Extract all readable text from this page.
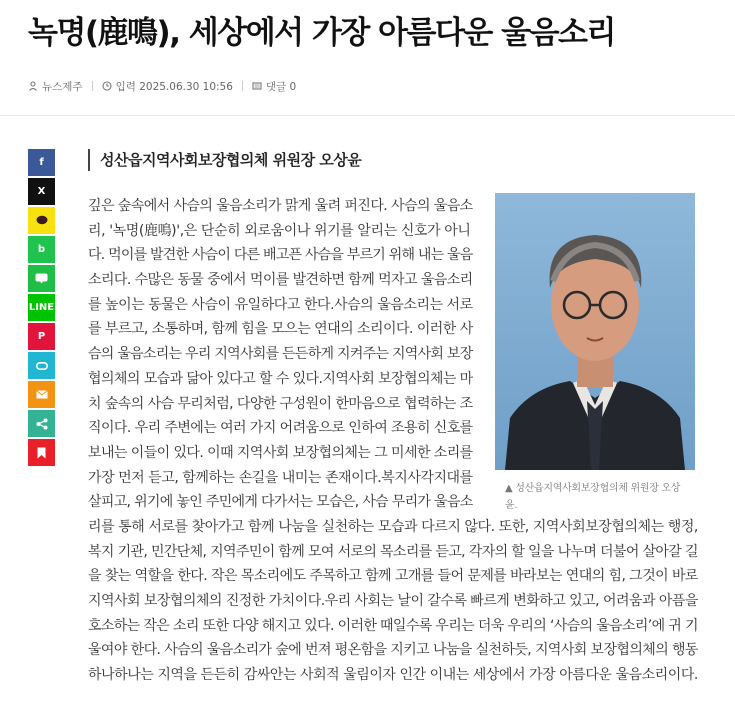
녹명(鹿鳴), 세상에서 가장 아름다운 울음소리
뉴스제주	입력 2025.06.30 10:56	댓글 0
f
X
b
LINE
P
성산읍지역사회보장협의체 위원장 오상윤
▲ 성산읍지역사회보장협의체 위원장 오상윤.
깊은 숲속에서 사슴의 울음소리가 맑게 울려 퍼진다. 사슴의 울음소
리, '녹명(鹿鳴)',은 단순히 외로움이나 위기를 알리는 신호가 아니
다. 먹이를 발견한 사슴이 다른 배고픈 사슴을 부르기 위해 내는 울음
소리다. 수많은 동물 중에서 먹이를 발견하면 함께 먹자고 울음소리
를 높이는 동물은 사슴이 유일하다고 한다.사슴의 울음소리는 서로
를 부르고, 소통하며, 함께 힘을 모으는 연대의 소리이다. 이러한 사
슴의 울음소리는 우리 지역사회를 든든하게 지켜주는 지역사회 보장
협의체의 모습과 닮아 있다고 할 수 있다.지역사회 보장협의체는 마
치 숲속의 사슴 무리처럼, 다양한 구성원이 한마음으로 협력하는 조
직이다. 우리 주변에는 여러 가지 어려움으로 인하여 조용히 신호를
보내는 이들이 있다. 이때 지역사회 보장협의체는 그 미세한 소리를
가장 먼저 듣고, 함께하는 손길을 내미는 존재이다.복지사각지대를
살피고, 위기에 놓인 주민에게 다가서는 모습은, 사슴 무리가 울음소
리를 통해 서로를 찾아가고 함께 나눔을 실천하는 모습과 다르지 않다. 또한, 지역사회보장협의체는 행정,
복지 기관, 민간단체, 지역주민이 함께 모여 서로의 목소리를 듣고, 각자의 할 일을 나누며 더불어 살아갈 길
을 찾는 역할을 한다. 작은 목소리에도 주목하고 함께 고개를 들어 문제를 바라보는 연대의 힘, 그것이 바로
지역사회 보장협의체의 진정한 가치이다.우리 사회는 날이 갈수록 빠르게 변화하고 있고, 어려움과 아픔을
호소하는 작은 소리 또한 다양 해지고 있다. 이러한 때일수록 우리는 더욱 우리의 ‘사슴의 울음소리’에 귀 기
울여야 한다. 사슴의 울음소리가 숲에 번져 평온함을 지키고 나눔을 실천하듯, 지역사회 보장협의체의 행동
하나하나는 지역을 든든히 감싸안는 사회적 울림이자 인간 이내는 세상에서 가장 아름다운 울음소리이다.
